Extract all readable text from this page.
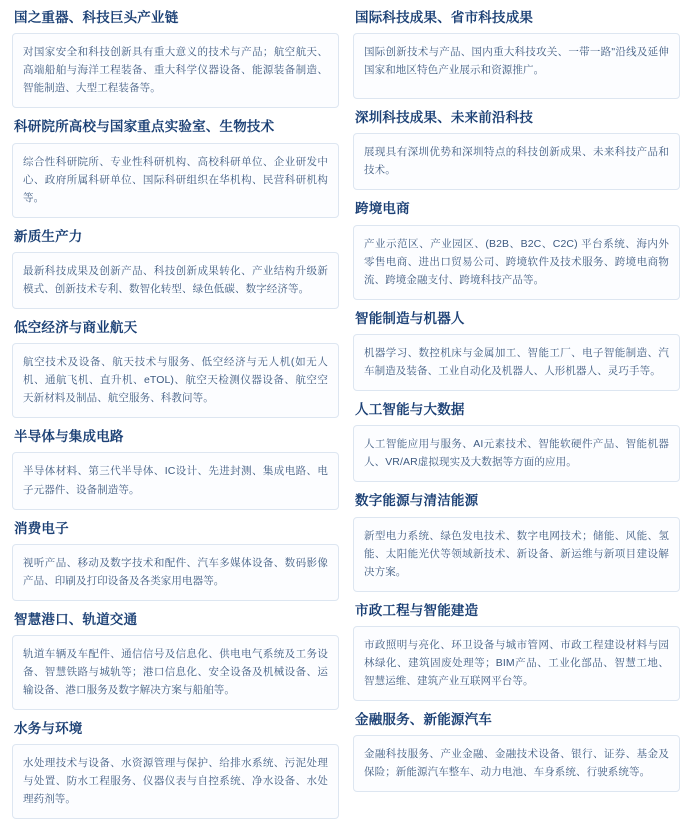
国之重器、科技巨头产业链
对国家安全和科技创新具有重大意义的技术与产品；航空航天、高端船舶与海洋工程装备、重大科学仪器设备、能源装备制造、智能制造、大型工程装备等。
科研院所高校与国家重点实验室、生物技术
综合性科研院所、专业性科研机构、高校科研单位、企业研发中心、政府所属科研单位、国际科研组织在华机构、民营科研机构等。
新质生产力
最新科技成果及创新产品、科技创新成果转化、产业结构升级新模式、创新技术专利、数智化转型、绿色低碳、数字经济等。
低空经济与商业航天
航空技术及设备、航天技术与服务、低空经济与无人机(如无人机、通航飞机、直升机、eTOL)、航空天检测仪器设备、航空空天新材料及制品、航空服务、科教问等。
半导体与集成电路
半导体材料、第三代半导体、IC设计、先进封测、集成电路、电子元器件、设备制造等。
消费电子
视听产品、移动及数字技术和配件、汽车多媒体设备、数码影像产品、印刷及打印设备及各类家用电器等。
智慧港口、轨道交通
轨道车辆及车配件、通信信号及信息化、供电电气系统及工务设备、智慧铁路与城轨等；港口信息化、安全设备及机械设备、运输设备、港口服务及数字解决方案与船舶等。
水务与环境
水处理技术与设备、水资源管理与保护、给排水系统、污泥处理与处置、防水工程服务、仪器仪表与自控系统、净水设备、水处理药剂等。
国际科技成果、省市科技成果
国际创新技术与产品、国内重大科技攻关、一带一路"沿线及延伸国家和地区特色产业展示和资源推广。
深圳科技成果、未来前沿科技
展现具有深圳优势和深圳特点的科技创新成果、未来科技产品和技术。
跨境电商
产业示范区、产业园区、(B2B、B2C、C2C) 平台系统、海内外零售电商、进出口贸易公司、跨境软件及技术服务、跨境电商物流、跨境金融支付、跨境科技产品等。
智能制造与机器人
机器学习、数控机床与金属加工、智能工厂、电子智能制造、汽车制造及装备、工业自动化及机器人、人形机器人、灵巧手等。
人工智能与大数据
人工智能应用与服务、AI元素技术、智能软硬件产品、智能机器人、VR/AR虚拟现实及大数据等方面的应用。
数字能源与清洁能源
新型电力系统、绿色发电技术、数字电网技术；储能、风能、氢能、太阳能光伏等领域新技术、新设备、新运维与新项目建设解决方案。
市政工程与智能建造
市政照明与亮化、环卫设备与城市管网、市政工程建设材料与园林绿化、建筑固废处理等；BIM产品、工业化部品、智慧工地、智慧运维、建筑产业互联网平台等。
金融服务、新能源汽车
金融科技服务、产业金融、金融技术设备、银行、证券、基金及保险；新能源汽车整车、动力电池、车身系统、行驶系统等。
